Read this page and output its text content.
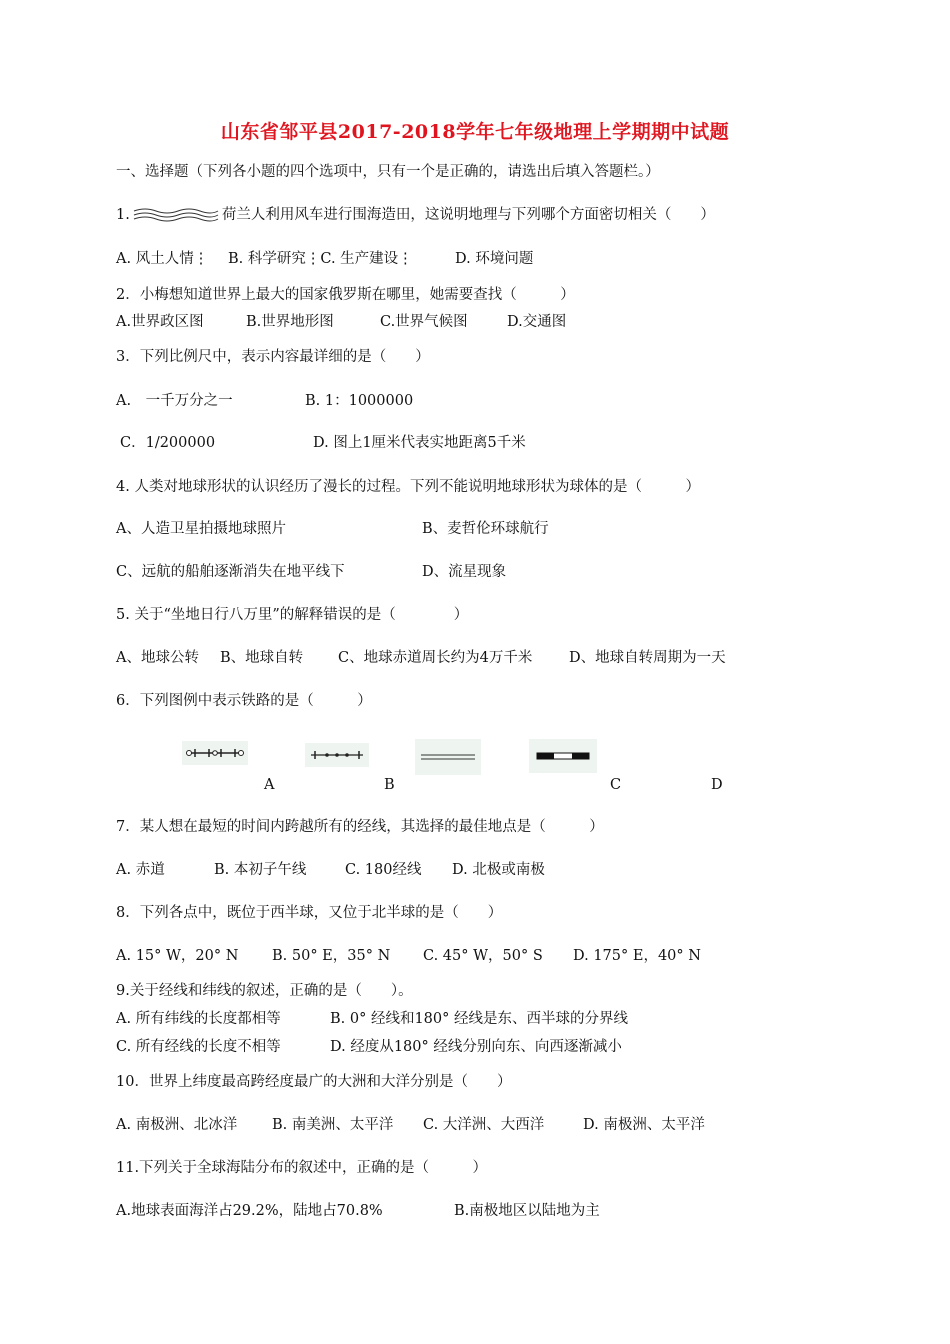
山东省邹平县2017-2018学年七年级地理上学期期中试题
一、选择题（下列各小题的四个选项中，只有一个是正确的，请选出后填入答题栏。）
1.	荷兰人利用风车进行围海造田，这说明地理与下列哪个方面密切相关（　　）
A. 风土人情⋮ B. 科学研究⋮C. 生产建设⋮	D. 环境问题
2．小梅想知道世界上最大的国家俄罗斯在哪里，她需要查找（　　　）
A.世界政区图	B.世界地形图	C.世界气候图	D.交通图
3．下列比例尺中，表示内容最详细的是（　　）
A.　一千万分之一	B. 1：1000000
C．1/200000	D. 图上1厘米代表实地距离5千米
4. 人类对地球形状的认识经历了漫长的过程。下列不能说明地球形状为球体的是（　　　）
A、人造卫星拍摄地球照片	B、麦哲伦环球航行
C、远航的船舶逐渐消失在地平线下	D、流星现象
5. 关于“坐地日行八万里”的解释错误的是（　　　　）
A、地球公转 B、地球自转 C、地球赤道周长约为4万千米	D、地球自转周期为一天
6．下列图例中表示铁路的是（　　　）
A	B	C	D
7．某人想在最短的时间内跨越所有的经线，其选择的最佳地点是（　　　）
A. 赤道	B. 本初子午线	C. 180经线 D. 北极或南极
8．下列各点中，既位于西半球，又位于北半球的是（　　）
A. 15° W，20° N B. 50° E，35° N C. 45° W，50° S D. 175° E，40° N
9.关于经线和纬线的叙述，正确的是（　　）。
A. 所有纬线的长度都相等	B. 0° 经线和180° 经线是东、西半球的分界线
C. 所有经线的长度不相等	D. 经度从180° 经线分别向东、向西逐渐减小
10．世界上纬度最高跨经度最广的大洲和大洋分别是（　　）
A. 南极洲、北冰洋 B. 南美洲、太平洋 C. 大洋洲、大西洋	D. 南极洲、太平洋
11.下列关于全球海陆分布的叙述中，正确的是（　　　）
A.地球表面海洋占29.2%，陆地占70.8%	B.南极地区以陆地为主
